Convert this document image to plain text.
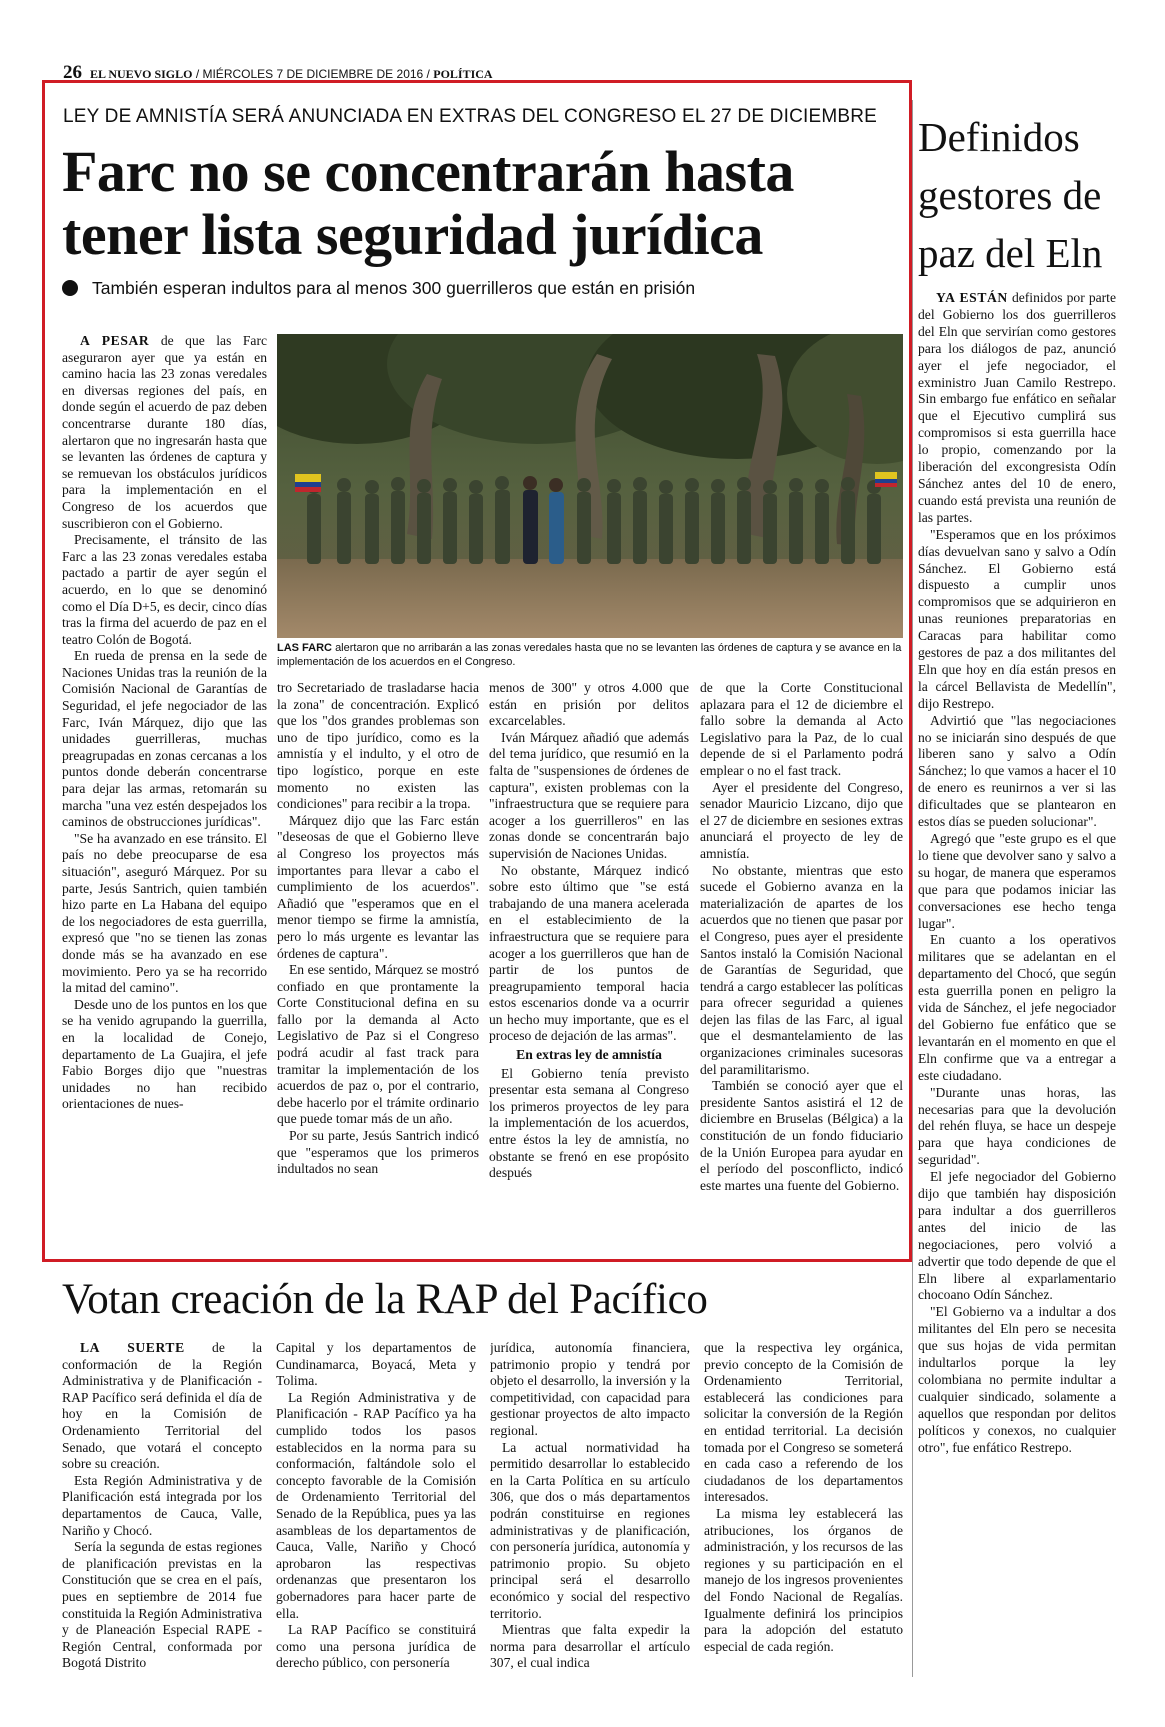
26 EL NUEVO SIGLO / MIÉRCOLES 7 DE DICIEMBRE DE 2016 / POLÍTICA
LEY DE AMNISTÍA SERÁ ANUNCIADA EN EXTRAS DEL CONGRESO EL 27 DE DICIEMBRE
Farc no se concentrarán hasta tener lista seguridad jurídica
También esperan indultos para al menos 300 guerrilleros que están en prisión

A PESAR de que las Farc aseguraron ayer que ya están en camino hacia las 23 zonas veredales en diversas regiones del país, en donde según el acuerdo de paz deben concentrarse durante 180 días, alertaron que no ingresarán hasta que se levanten las órdenes de captura y se remuevan los obstáculos jurídicos para la implementación en el Congreso de los acuerdos que suscribieron con el Gobierno.

Precisamente, el tránsito de las Farc a las 23 zonas veredales estaba pactado a partir de ayer según el acuerdo, en lo que se denominó como el Día D+5, es decir, cinco días tras la firma del acuerdo de paz en el teatro Colón de Bogotá.

En rueda de prensa en la sede de Naciones Unidas tras la reunión de la Comisión Nacional de Garantías de Seguridad, el jefe negociador de las Farc, Iván Márquez, dijo que las unidades guerrilleras, muchas preagrupadas en zonas cercanas a los puntos donde deberán concentrarse para dejar las armas, retomarán su marcha "una vez estén despejados los caminos de obstrucciones jurídicas".

"Se ha avanzado en ese tránsito. El país no debe preocuparse de esa situación", aseguró Márquez. Por su parte, Jesús Santrich, quien también hizo parte en La Habana del equipo de los negociadores de esta guerrilla, expresó que "no se tienen las zonas donde más se ha avanzado en ese movimiento. Pero ya se ha recorrido la mitad del camino".

Desde uno de los puntos en los que se ha venido agrupando la guerrilla, en la localidad de Conejo, departamento de La Guajira, el jefe Fabio Borges dijo que "nuestras unidades no han recibido orientaciones de nues-

LAS FARC alertaron que no arribarán a las zonas veredales hasta que no se levanten las órdenes de captura y se avance en la implementación de los acuerdos en el Congreso.

tro Secretariado de trasladarse hacia la zona" de concentración. Explicó que los "dos grandes problemas son uno de tipo jurídico, como es la amnistía y el indulto, y el otro de tipo logístico, porque en este momento no existen las condiciones" para recibir a la tropa.

Márquez dijo que las Farc están "deseosas de que el Gobierno lleve al Congreso los proyectos más importantes para llevar a cabo el cumplimiento de los acuerdos". Añadió que "esperamos que en el menor tiempo se firme la amnistía, pero lo más urgente es levantar las órdenes de captura".

En ese sentido, Márquez se mostró confiado en que prontamente la Corte Constitucional defina en su fallo por la demanda al Acto Legislativo de Paz si el Congreso podrá acudir al fast track para tramitar la implementación de los acuerdos de paz o, por el contrario, debe hacerlo por el trámite ordinario que puede tomar más de un año.

Por su parte, Jesús Santrich indicó que "esperamos que los primeros indultados no sean

menos de 300" y otros 4.000 que están en prisión por delitos excarcelables.

Iván Márquez añadió que además del tema jurídico, que resumió en la falta de "suspensiones de órdenes de captura", existen problemas con la "infraestructura que se requiere para acoger a los guerrilleros" en las zonas donde se concentrarán bajo supervisión de Naciones Unidas.

No obstante, Márquez indicó sobre esto último que "se está trabajando de una manera acelerada en el establecimiento de la infraestructura que se requiere para acoger a los guerrilleros que han de partir de los puntos de preagrupamiento temporal hacia estos escenarios donde va a ocurrir un hecho muy importante, que es el proceso de dejación de las armas".

En extras ley de amnistía

El Gobierno tenía previsto presentar esta semana al Congreso los primeros proyectos de ley para la implementación de los acuerdos, entre éstos la ley de amnistía, no obstante se frenó en ese propósito después

de que la Corte Constitucional aplazara para el 12 de diciembre el fallo sobre la demanda al Acto Legislativo para la Paz, de lo cual depende de si el Parlamento podrá emplear o no el fast track.

Ayer el presidente del Congreso, senador Mauricio Lizcano, dijo que el 27 de diciembre en sesiones extras anunciará el proyecto de ley de amnistía.

No obstante, mientras que esto sucede el Gobierno avanza en la materialización de apartes de los acuerdos que no tienen que pasar por el Congreso, pues ayer el presidente Santos instaló la Comisión Nacional de Garantías de Seguridad, que tendrá a cargo establecer las políticas para ofrecer seguridad a quienes dejen las filas de las Farc, al igual que el desmantelamiento de las organizaciones criminales sucesoras del paramilitarismo.

También se conoció ayer que el presidente Santos asistirá el 12 de diciembre en Bruselas (Bélgica) a la constitución de un fondo fiduciario de la Unión Europea para ayudar en el período del posconflicto, indicó este martes una fuente del Gobierno.

Definidos gestores de paz del Eln

YA ESTÁN definidos por parte del Gobierno los dos guerrilleros del Eln que servirían como gestores para los diálogos de paz, anunció ayer el jefe negociador, el exministro Juan Camilo Restrepo. Sin embargo fue enfático en señalar que el Ejecutivo cumplirá sus compromisos si esta guerrilla hace lo propio, comenzando por la liberación del excongresista Odín Sánchez antes del 10 de enero, cuando está prevista una reunión de las partes.

"Esperamos que en los próximos días devuelvan sano y salvo a Odín Sánchez. El Gobierno está dispuesto a cumplir unos compromisos que se adquirieron en unas reuniones preparatorias en Caracas para habilitar como gestores de paz a dos militantes del Eln que hoy en día están presos en la cárcel Bellavista de Medellín", dijo Restrepo.

Advirtió que "las negociaciones no se iniciarán sino después de que liberen sano y salvo a Odín Sánchez; lo que vamos a hacer el 10 de enero es reunirnos a ver si las dificultades que se plantearon en estos días se pueden solucionar".

Agregó que "este grupo es el que lo tiene que devolver sano y salvo a su hogar, de manera que esperamos que para que podamos iniciar las conversaciones ese hecho tenga lugar".

En cuanto a los operativos militares que se adelantan en el departamento del Chocó, que según esta guerrilla ponen en peligro la vida de Sánchez, el jefe negociador del Gobierno fue enfático que se levantarán en el momento en que el Eln confirme que va a entregar a este ciudadano.

"Durante unas horas, las necesarias para que la devolución del rehén fluya, se hace un despeje para que haya condiciones de seguridad".

El jefe negociador del Gobierno dijo que también hay disposición para indultar a dos guerrilleros antes del inicio de las negociaciones, pero volvió a advertir que todo depende de que el Eln libere al exparlamentario chocoano Odín Sánchez.

"El Gobierno va a indultar a dos militantes del Eln pero se necesita que sus hojas de vida permitan indultarlos porque la ley colombiana no permite indultar a cualquier sindicado, solamente a aquellos que respondan por delitos políticos y conexos, no cualquier otro", fue enfático Restrepo.

Votan creación de la RAP del Pacífico

LA SUERTE de la conformación de la Región Administrativa y de Planificación - RAP Pacífico será definida el día de hoy en la Comisión de Ordenamiento Territorial del Senado, que votará el concepto sobre su creación.

Esta Región Administrativa y de Planificación está integrada por los departamentos de Cauca, Valle, Nariño y Chocó.

Sería la segunda de estas regiones de planificación previstas en la Constitución que se crea en el país, pues en septiembre de 2014 fue constituida la Región Administrativa y de Planeación Especial RAPE - Región Central, conformada por Bogotá Distrito

Capital y los departamentos de Cundinamarca, Boyacá, Meta y Tolima.

La Región Administrativa y de Planificación - RAP Pacífico ya ha cumplido todos los pasos establecidos en la norma para su conformación, faltándole solo el concepto favorable de la Comisión de Ordenamiento Territorial del Senado de la República, pues ya las asambleas de los departamentos de Cauca, Valle, Nariño y Chocó aprobaron las respectivas ordenanzas que presentaron los gobernadores para hacer parte de ella.

La RAP Pacífico se constituirá como una persona jurídica de derecho público, con personería

jurídica, autonomía financiera, patrimonio propio y tendrá por objeto el desarrollo, la inversión y la competitividad, con capacidad para gestionar proyectos de alto impacto regional.

La actual normatividad ha permitido desarrollar lo establecido en la Carta Política en su artículo 306, que dos o más departamentos podrán constituirse en regiones administrativas y de planificación, con personería jurídica, autonomía y patrimonio propio. Su objeto principal será el desarrollo económico y social del respectivo territorio.

Mientras que falta expedir la norma para desarrollar el artículo 307, el cual indica

que la respectiva ley orgánica, previo concepto de la Comisión de Ordenamiento Territorial, establecerá las condiciones para solicitar la conversión de la Región en entidad territorial. La decisión tomada por el Congreso se someterá en cada caso a referendo de los ciudadanos de los departamentos interesados.

La misma ley establecerá las atribuciones, los órganos de administración, y los recursos de las regiones y su participación en el manejo de los ingresos provenientes del Fondo Nacional de Regalías. Igualmente definirá los principios para la adopción del estatuto especial de cada región.
